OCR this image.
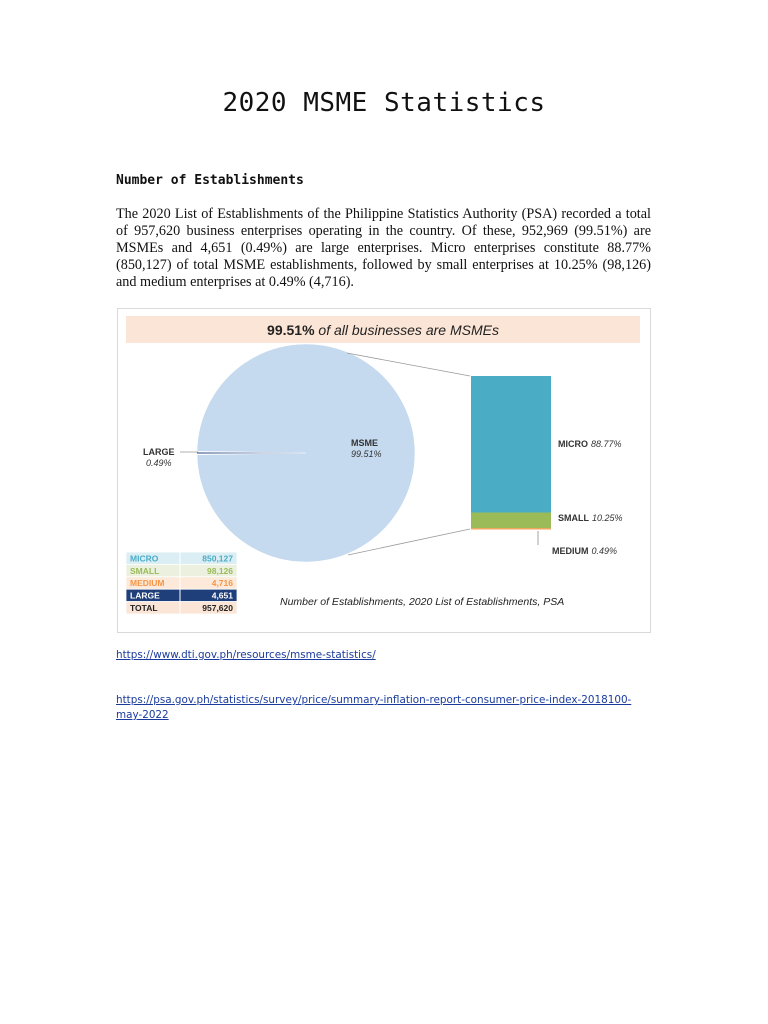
2020 MSME Statistics
Number of Establishments

The 2020 List of Establishments of the Philippine Statistics Authority (PSA) recorded a total of 957,620 business enterprises operating in the country. Of these, 952,969 (99.51%) are MSMEs and 4,651 (0.49%) are large enterprises. Micro enterprises constitute 88.77% (850,127) of total MSME establishments, followed by small enterprises at 10.25% (98,126) and medium enterprises at 0.49% (4,716).

99.51% of all businesses are MSMEs
MSME
99.51%
LARGE
0.49%
MICRO 88.77%
SMALL 10.25%
MEDIUM 0.49%
MICRO	850,127
SMALL	98,126
MEDIUM	4,716
LARGE	4,651
TOTAL	957,620	Number of Establishments, 2020 List of Establishments, PSA
https://www.dti.gov.ph/resources/msme-statistics/
https://psa.gov.ph/statistics/survey/price/summary-inflation-report-consumer-price-index-2018100-may-2022
